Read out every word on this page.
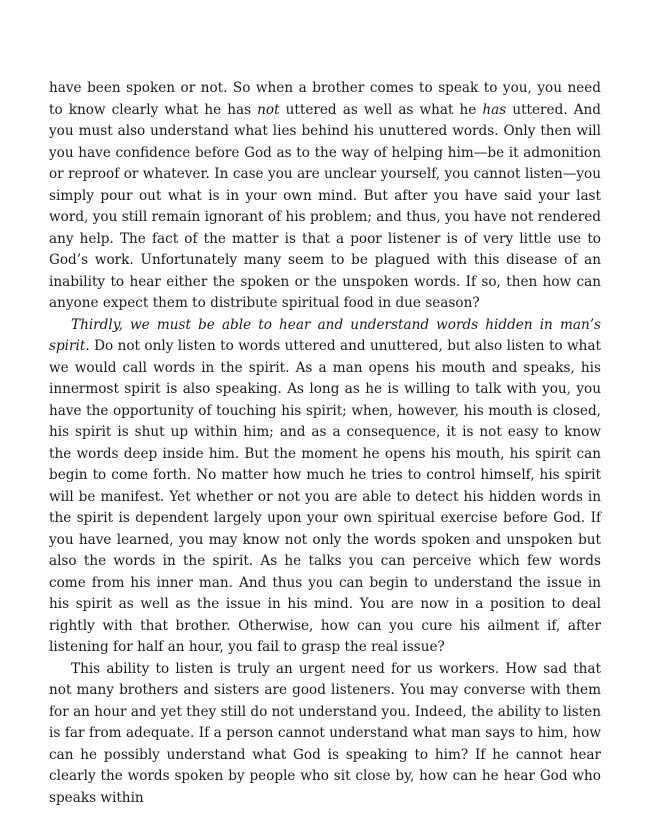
have been spoken or not. So when a brother comes to speak to you, you need to know clearly what he has not uttered as well as what he has uttered. And you must also understand what lies behind his unuttered words. Only then will you have confidence before God as to the way of helping him—be it admonition or reproof or whatever. In case you are unclear yourself, you cannot listen—you simply pour out what is in your own mind. But after you have said your last word, you still remain ignorant of his problem; and thus, you have not rendered any help. The fact of the matter is that a poor listener is of very little use to God’s work. Unfortunately many seem to be plagued with this disease of an inability to hear either the spoken or the unspoken words. If so, then how can anyone expect them to distribute spiritual food in due season?

Thirdly, we must be able to hear and understand words hidden in man’s spirit. Do not only listen to words uttered and unuttered, but also listen to what we would call words in the spirit. As a man opens his mouth and speaks, his innermost spirit is also speaking. As long as he is willing to talk with you, you have the opportunity of touching his spirit; when, however, his mouth is closed, his spirit is shut up within him; and as a consequence, it is not easy to know the words deep inside him. But the moment he opens his mouth, his spirit can begin to come forth. No matter how much he tries to control himself, his spirit will be manifest. Yet whether or not you are able to detect his hidden words in the spirit is dependent largely upon your own spiritual exercise before God. If you have learned, you may know not only the words spoken and unspoken but also the words in the spirit. As he talks you can perceive which few words come from his inner man. And thus you can begin to understand the issue in his spirit as well as the issue in his mind. You are now in a position to deal rightly with that brother. Otherwise, how can you cure his ailment if, after listening for half an hour, you fail to grasp the real issue?

This ability to listen is truly an urgent need for us workers. How sad that not many brothers and sisters are good listeners. You may converse with them for an hour and yet they still do not understand you. Indeed, the ability to listen is far from adequate. If a person cannot understand what man says to him, how can he possibly understand what God is speaking to him? If he cannot hear clearly the words spoken by people who sit close by, how can he hear God who speaks within
